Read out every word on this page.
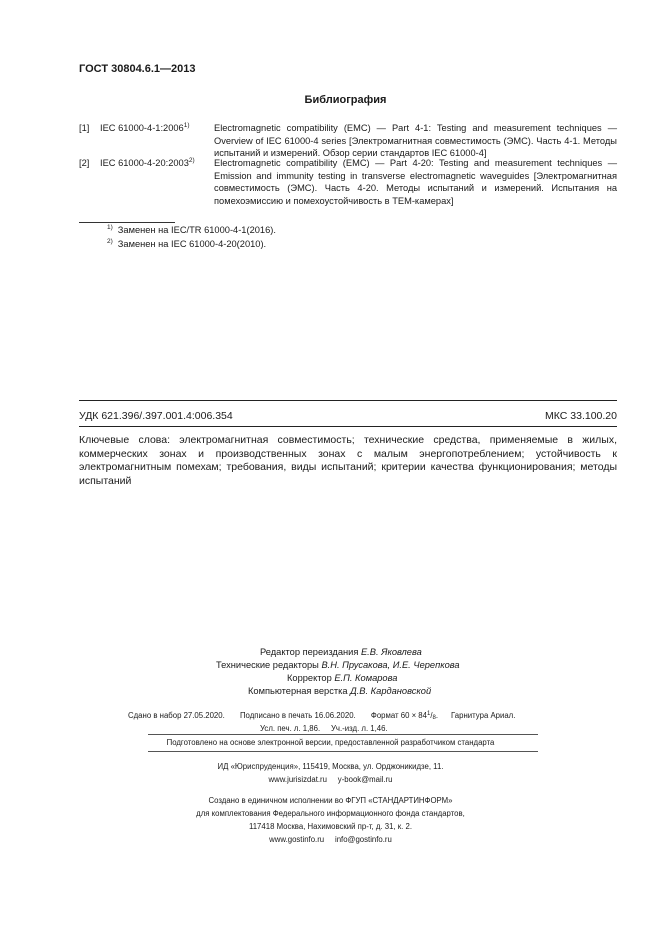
ГОСТ 30804.6.1—2013
Библиография
[1] IEC 61000-4-1:2006$^{1)}$	Electromagnetic compatibility (EMC) — Part 4-1: Testing and measurement techniques — Overview of IEC 61000-4 series [Электромагнитная совместимость (ЭМС). Часть 4-1. Методы испытаний и измерений. Обзор серии стандартов IEC 61000-4]
[2] IEC 61000-4-20:2003$^{2)}$ Electromagnetic compatibility (EMC) — Part 4-20: Testing and measurement techniques — Emission and immunity testing in transverse electromagnetic waveguides [Электромагнитная совместимость (ЭМС). Часть 4-20. Методы испытаний и измерений. Испытания на помехоэмиссию и помехоустойчивость в ТЕМ-камерах]
$^{1)}$ Заменен на IEC/TR 61000-4-1(2016).
$^{2)}$ Заменен на IEC 61000-4-20(2010).
УДК 621.396/.397.001.4:006.354	МКС 33.100.20
Ключевые слова: электромагнитная совместимость; технические средства, применяемые в жилых, коммерческих зонах и производственных зонах с малым энергопотреблением; устойчивость к электромагнитным помехам; требования, виды испытаний; критерии качества функционирования; методы испытаний
Редактор переиздания Е.В. Яковлева
Технические редакторы В.Н. Прусакова, И.Е. Черепкова
Корректор Е.П. Комарова
Компьютерная верстка Д.В. Кардановской
Сдано в набор 27.05.2020. Подписано в печать 16.06.2020. Формат $60 \times 84^1/_8$. Гарнитура Ариал.
Усл. печ. л. 1,86. Уч.-изд. л. 1,46.
Подготовлено на основе электронной версии, предоставленной разработчиком стандарта
ИД «Юриспруденция», 115419, Москва, ул. Орджоникидзе, 11.
www.jurisizdat.ru     y-book@mail.ru
Создано в единичном исполнении во ФГУП «СТАНДАРТИНФОРМ»
для комплектования Федерального информационного фонда стандартов,
117418 Москва, Нахимовский пр-т, д. 31, к. 2.
www.gostinfo.ru     info@gostinfo.ru
